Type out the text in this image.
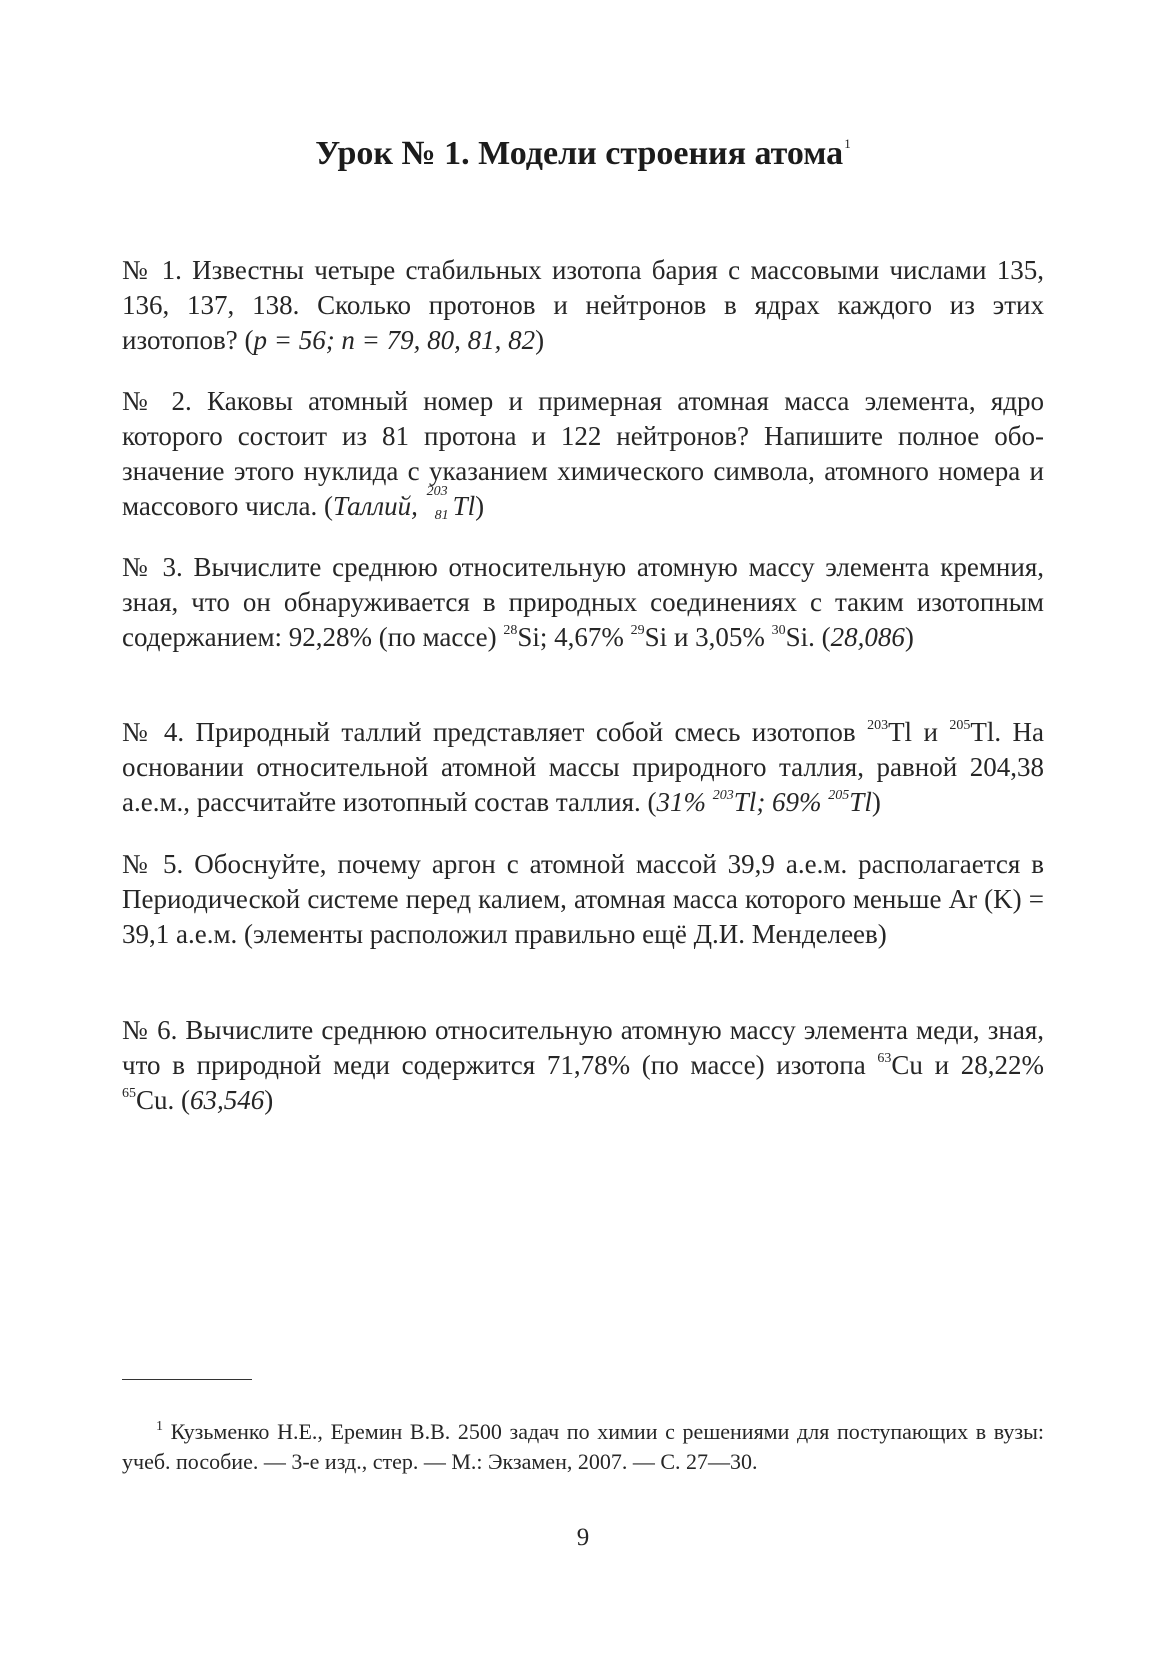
Урок № 1. Модели строения атома$^1$

№ 1. Известны четыре стабильных изотопа бария с массовыми числами 135, 136, 137, 138. Сколько протонов и нейтронов в ядрах каждого из этих изотопов? (p = 56; n = 79, 80, 81, 82)

№ 2. Каковы атомный номер и примерная атомная масса элемента, ядро которого состоит из 81 протона и 122 нейтронов? Напишите полное обозначение этого нуклида с указанием химического символа, атомного номера и массового числа. (Таллий, 203
81 Tl)

№ 3. Вычислите среднюю относительную атомную массу элемента кремния, зная, что он обнаруживается в природных соединениях с таким изотопным содержанием: 92,28% (по массе) $^{28}$Si; 4,67% $^{29}$Si и 3,05% $^{30}$Si. (28,086)

№ 4. Природный таллий представляет собой смесь изотопов $^{203}$Tl и $^{205}$Tl. На основании относительной атомной массы природного таллия, равной 204,38 а.е.м., рассчитайте изотопный состав таллия. (31% $^{203}$Tl; 69% $^{205}$Tl)

№ 5. Обоснуйте, почему аргон с атомной массой 39,9 а.е.м. располагается в Периодической системе перед калием, атомная масса которого меньше Ar (K) = 39,1 а.е.м. (элементы расположил правильно ещё Д.И. Менделеев)

№ 6. Вычислите среднюю относительную атомную массу элемента меди, зная, что в природной меди содержится 71,78% (по массе) изотопа $^{63}$Cu и 28,22% $^{65}$Cu. (63,546)

$^1$ Кузьменко Н.Е., Еремин В.В. 2500 задач по химии с решениями для поступающих в вузы: учеб. пособие. — 3-е изд., стер. — М.: Экзамен, 2007. — С. 27—30.

9
